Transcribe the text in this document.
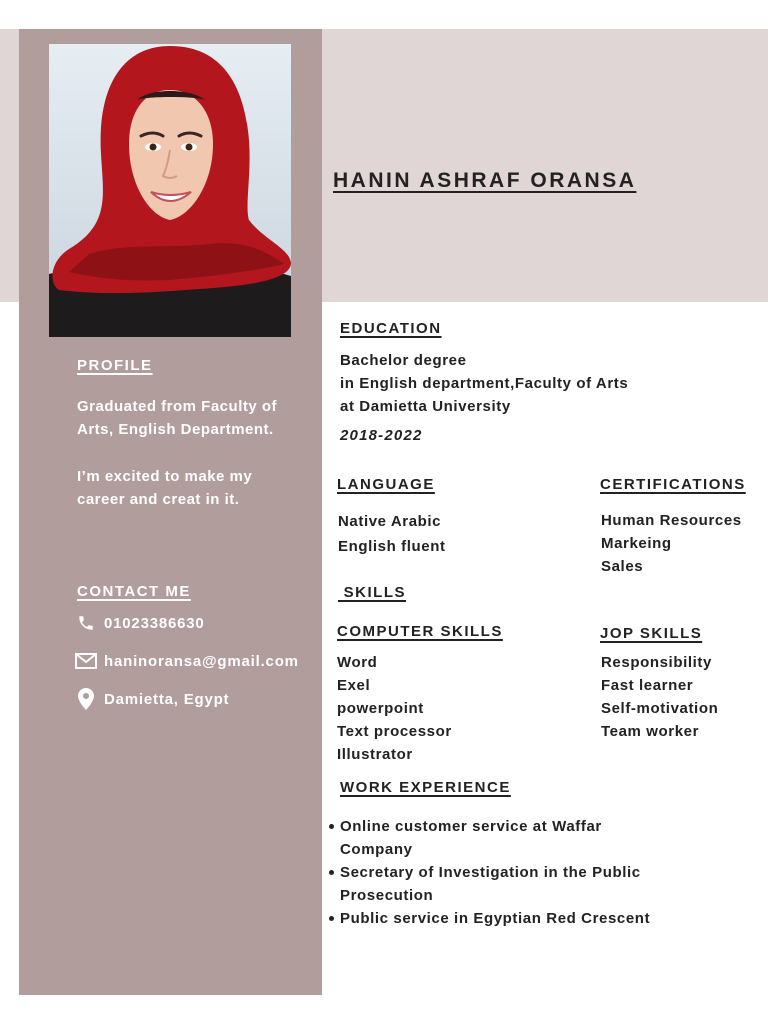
HANIN ASHRAF ORANSA
PROFILE

Graduated from Faculty of
Arts, English Department.

I’m excited to make my
career and creat in it.

CONTACT ME
01023386630
haninoransa@gmail.com
Damietta, Egypt
EDUCATION
Bachelor degree
in English department,Faculty of Arts
at Damietta University

2018-2022

LANGUAGE
Native Arabic
English fluent
CERTIFICATIONS
Human Resources
Markeing
Sales
SKILLS
COMPUTER SKILLS
Word
Exel
powerpoint
Text processor
Illustrator
JOP SKILLS
Responsibility
Fast learner
Self-motivation
Team worker
WORK EXPERIENCE
Online customer service at Waffar
Company
Secretary of Investigation in the Public
Prosecution
Public service in Egyptian Red Crescent
